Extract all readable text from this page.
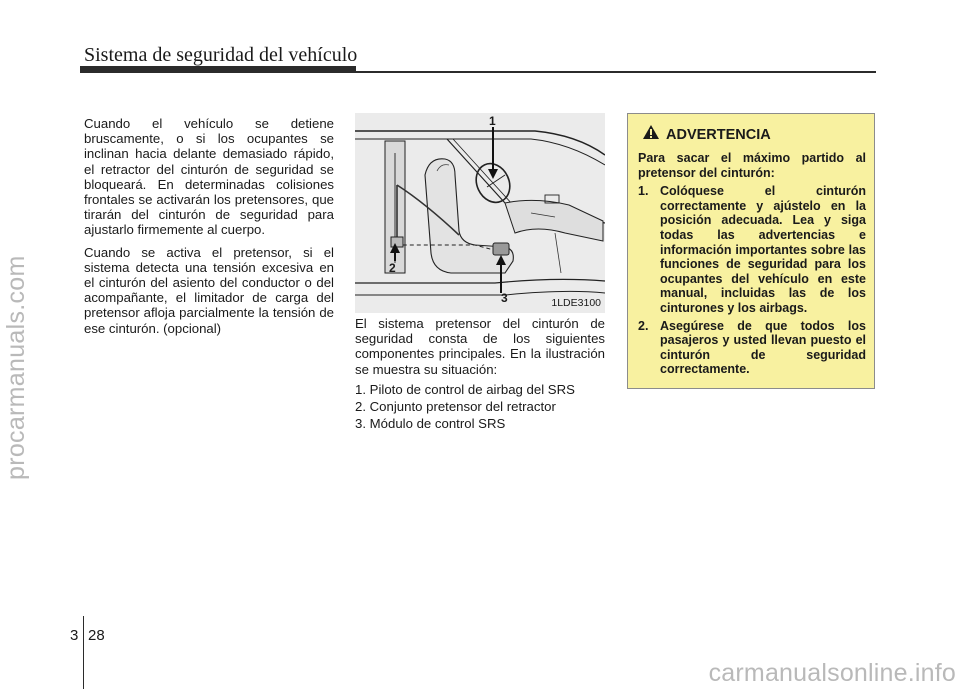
Sistema de seguridad del vehículo
procarmanuals.com

Cuando el vehículo se detiene bruscamente, o si los ocupantes se inclinan hacia delante demasiado rápido, el retractor del cinturón de seguridad se bloqueará. En determinadas colisiones frontales se activarán los pretensores, que tirarán del cinturón de seguridad para ajustarlo firmemente al cuerpo.

Cuando se activa el pretensor, si el sistema detecta una tensión excesiva en el cinturón del asiento del conductor o del acompañante, el limitador de carga del pretensor afloja parcialmente la tensión de ese cinturón. (opcional)

1
2
3	1LDE3100

El sistema pretensor del cinturón de seguridad consta de los siguientes componentes principales. En la ilustración se muestra su situación:

1. Piloto de control de airbag del SRS
2. Conjunto pretensor del retractor
3. Módulo de control SRS
ADVERTENCIA

Para sacar el máximo partido al pretensor del cinturón:

1. Colóquese el cinturón correctamente y ajústelo en la posición adecuada. Lea y siga todas las advertencias e información importantes sobre las funciones de seguridad para los ocupantes del vehículo en este manual, incluidas las de los cinturones y los airbags.
2. Asegúrese de que todos los pasajeros y usted llevan puesto el cinturón de seguridad correctamente.
3 28
carmanualsonline.info
